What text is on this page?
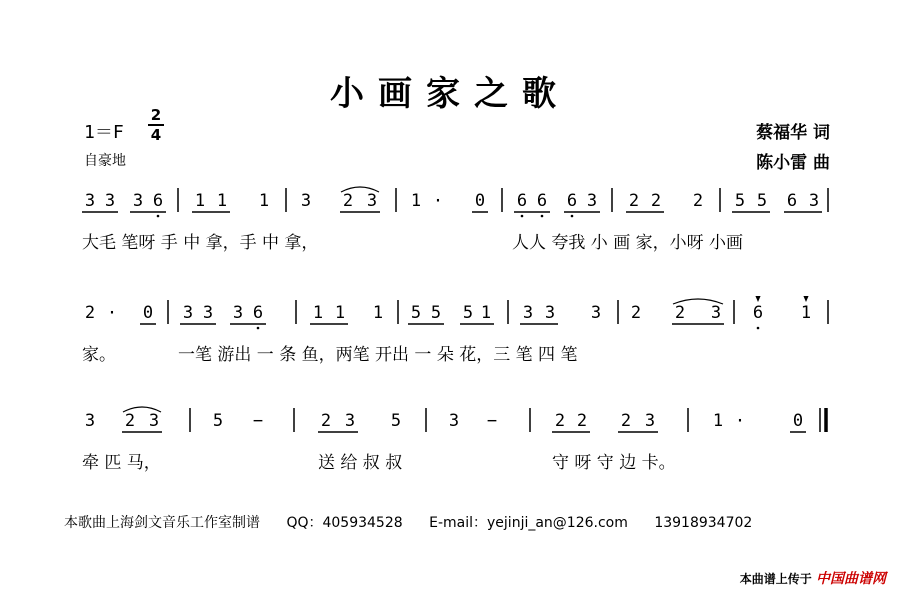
小画家之歌
1＝F
2
4
自豪地
蔡福华 词
陈小雷 曲
3 3 3 6 1 1 1 3 2 3 1 · 0 6 6 6 3 2 2 2 5 5 6 3
大毛 笔呀 手 中 拿，手 中 拿，	人人 夸我 小 画 家，小呀 小画
2 · 0 3 3 3 6	1 1 1 5 5 5 1 3 3 3 2 2 3 6 1
家。	一笔 游出 一 条 鱼，两笔 开出 一 朵 花，三 笔 四 笔
3 2 3	5 −	2 3 5	3 −	2 2 2 3	1 ·	0
牵 匹 马，	送 给 叔 叔	守 呀 守 边 卡。
本歌曲上海剑文音乐工作室制谱 QQ：405934528 E-mail：yejinji_an@126.com 13918934702
本曲谱上传于 中国曲谱网
